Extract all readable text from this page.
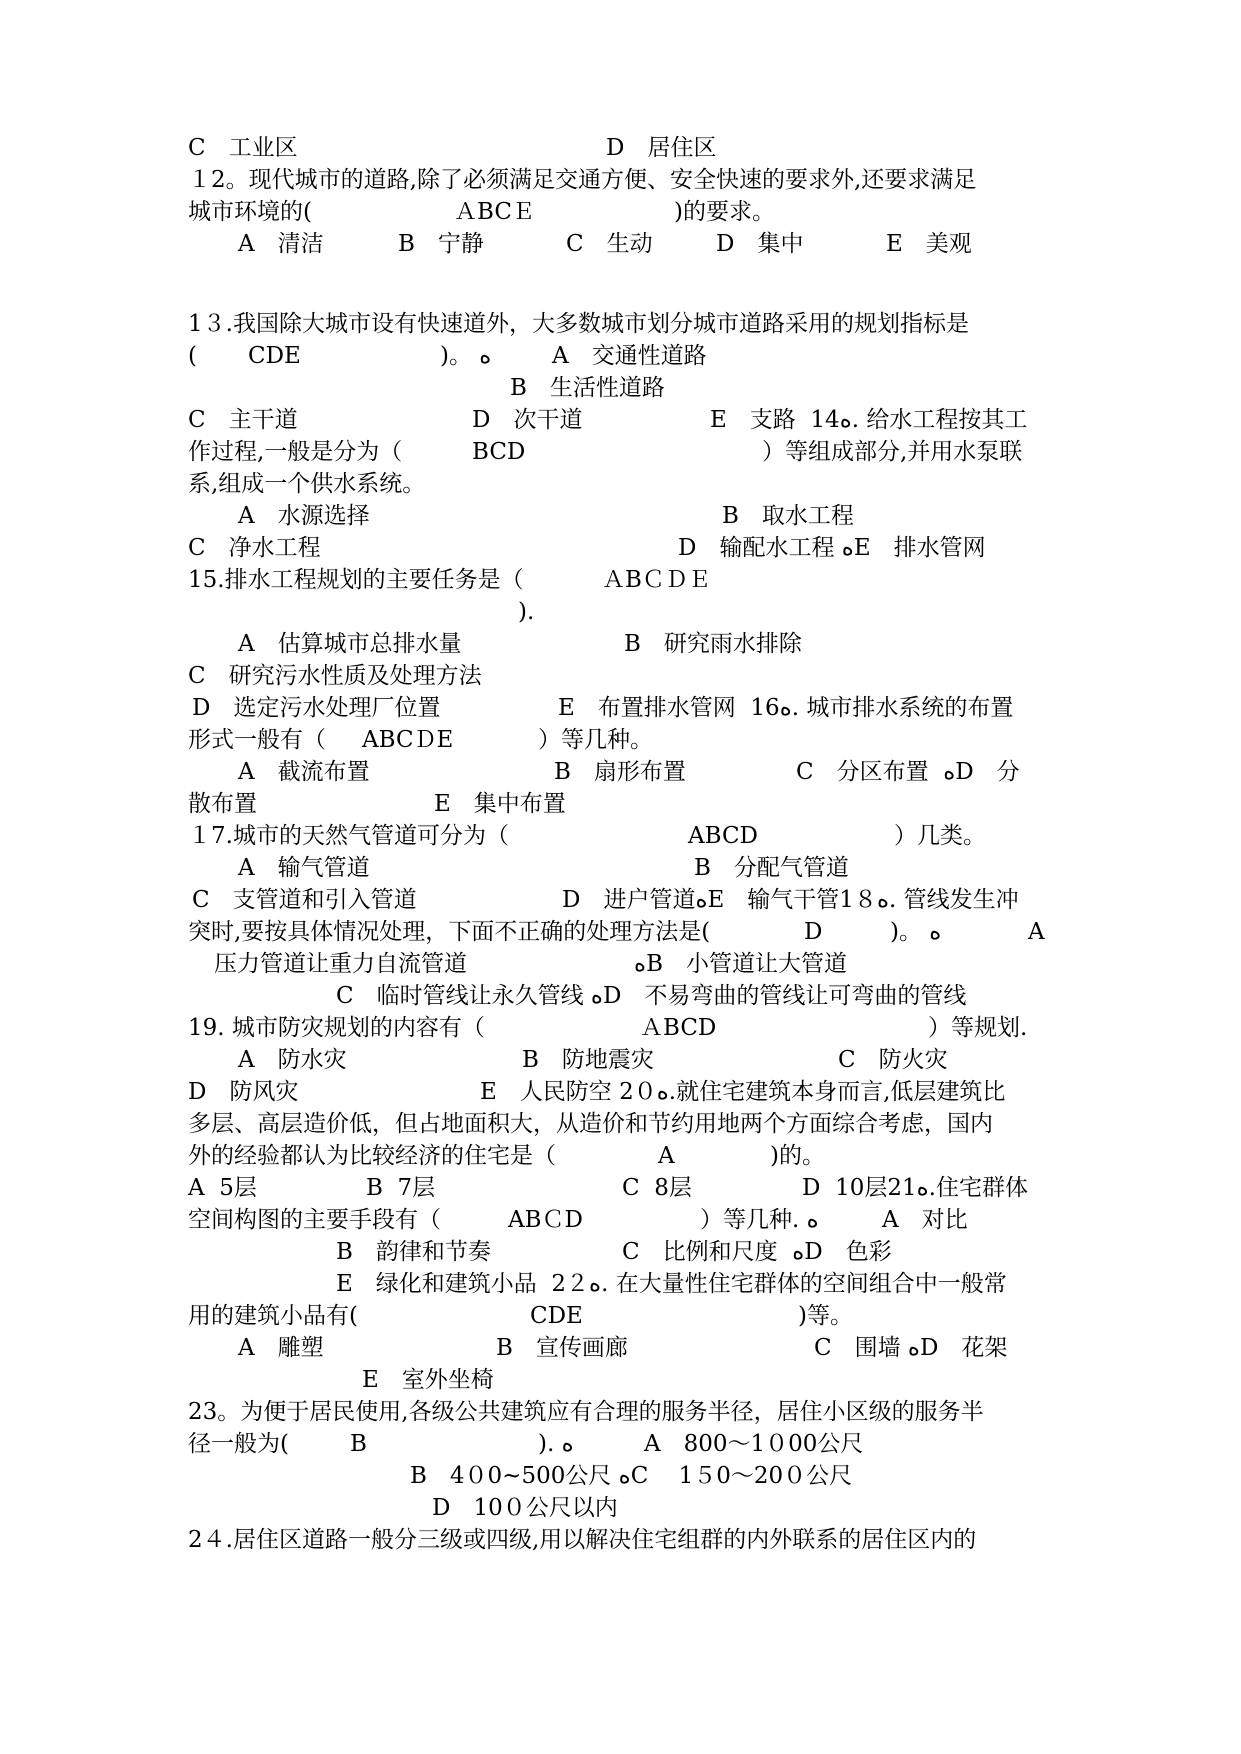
C　工业区

	D　居住区

１2。现代城市的道路,除了必须满足交通方便、安全快速的要求外,还要求满足

城市环境的(

	ＡBCＥ

	)的要求。

A　清洁

	B　宁静

	C　生动

	D　集中

	E　美观

1３.我国除大城市设有快速道外，大多数城市划分城市道路采用的规划指标是

(

CDE

	)。 ﻩ

	A　交通性道路

B　生活性道路

C　主干道

	D　次干道

	E　支路  14ﻩ. 给水工程按其工

作过程,一般是分为（

	BCD

	）等组成部分,并用水泵联

系,组成一个供水系统。

A　水源选择

	B　取水工程

C　净水工程

	D　输配水工程 ﻩE　排水管网

15.排水工程规划的主要任务是（

	ＡBＣＤＥ

).

A　估算城市总排水量

	B　研究雨水排除

C　研究污水性质及处理方法

D　选定污水处理厂位置

	E　布置排水管网  16ﻩ. 城市排水系统的布置

形式一般有（

ABCＤE

	）等几种。

A　截流布置

	B　扇形布置

	C　分区布置  ﻩD　分

散布置

	E　集中布置

１7.城市的天然气管道可分为（

	ABCD

	）几类。

A　输气管道

	B　分配气管道

C　支管道和引入管道

	D　进户管道ﻩE　输气干管1８ﻩ. 管线发生冲

突时,要按具体情况处理，下面不正确的处理方法是(

	D

	)。 ﻩ

	A

压力管道让重力自流管道

	ﻩB　小管道让大管道

C　临时管线让永久管线 ﻩD　不易弯曲的管线让可弯曲的管线

19. 城市防灾规划的内容有（

	ＡBCD

	）等规划.

A　防水灾

	B　防地震灾

	C　防火灾

D　防风灾

	E　人民防空 2０ﻩ.就住宅建筑本身而言,低层建筑比

多层、高层造价低，但占地面积大，从造价和节约用地两个方面综合考虑，国内

外的经验都认为比较经济的住宅是（

	A

	)的。

A  5层

	B  7层

	C  8层

	D  10层21ﻩ.住宅群体

空间构图的主要手段有（

	ABＣD

	）等几种. ﻩ

	A　对比

B　韵律和节奏

	C　比例和尺度  ﻩD　色彩

E　绿化和建筑小品  2２ﻩ. 在大量性住宅群体的空间组合中一般常

用的建筑小品有(

	CDE

	)等。

A　雕塑

	B　宣传画廊

	C　围墙 ﻩD　花架

E　室外坐椅

23。为便于居民使用,各级公共建筑应有合理的服务半径，居住小区级的服务半

径一般为(

	B

	). ﻩ

	A　800～1０00公尺

B　4０0~500公尺 ﻩC　 1５0～20０公尺

D　10０公尺以内

2４.居住区道路一般分三级或四级,用以解决住宅组群的内外联系的居住区内的
